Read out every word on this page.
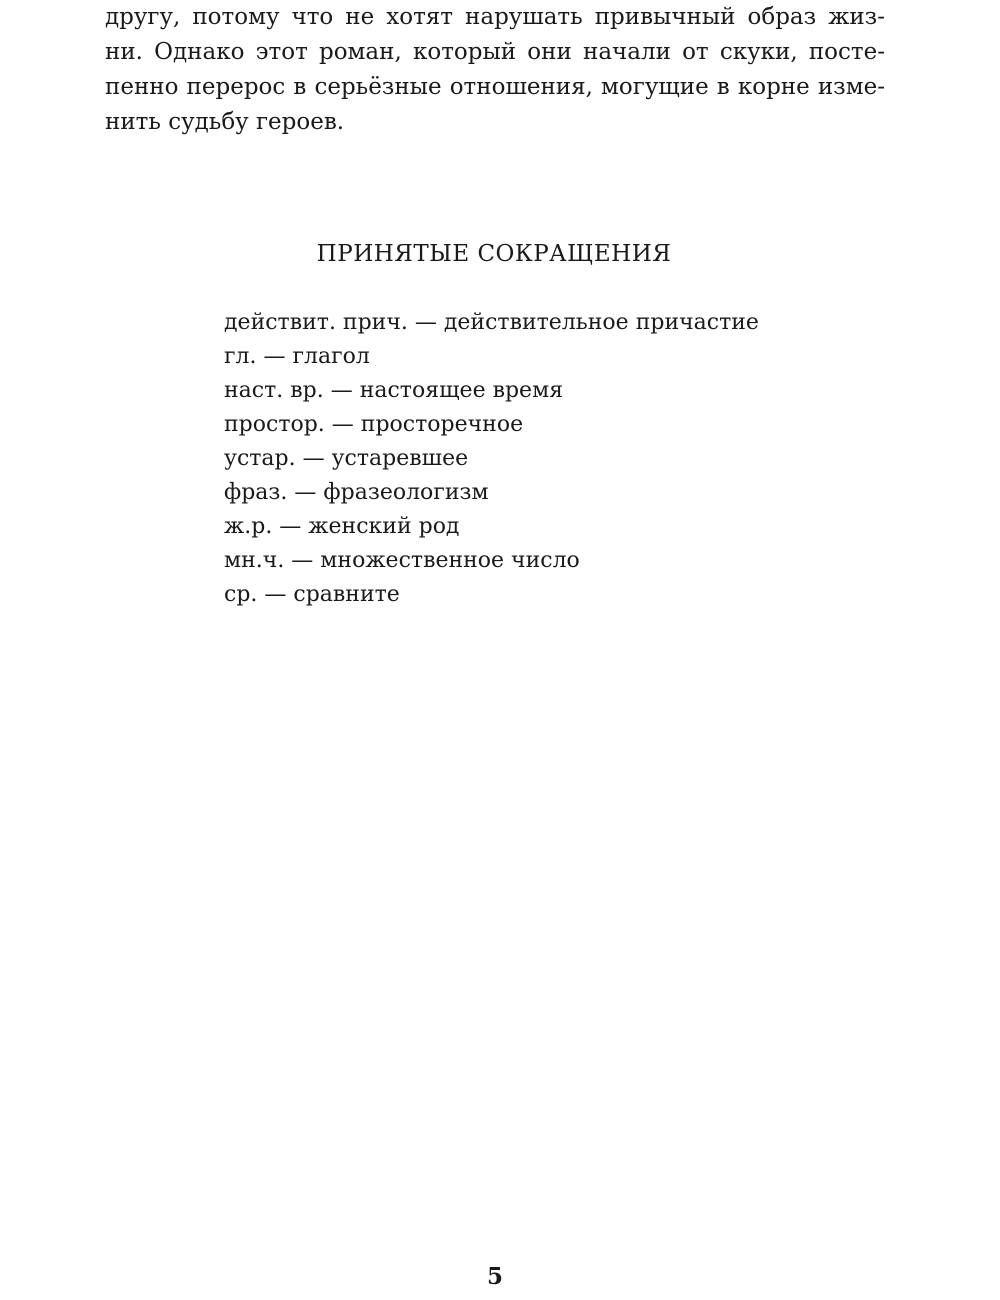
другу, потому что не хотят нарушать привычный образ жиз-
ни. Однако этот роман, который они начали от скуки, посте-
пенно перерос в серьёзные отношения, могущие в корне изме-
нить судьбу героев.
ПРИНЯТЫЕ СОКРАЩЕНИЯ
действит. прич. — действительное причастие
гл. — глагол
наст. вр. — настоящее время
простор. — просторечное
устар. — устаревшее
фраз. — фразеологизм
ж.р. — женский род
мн.ч. — множественное число
ср. — сравните
5
